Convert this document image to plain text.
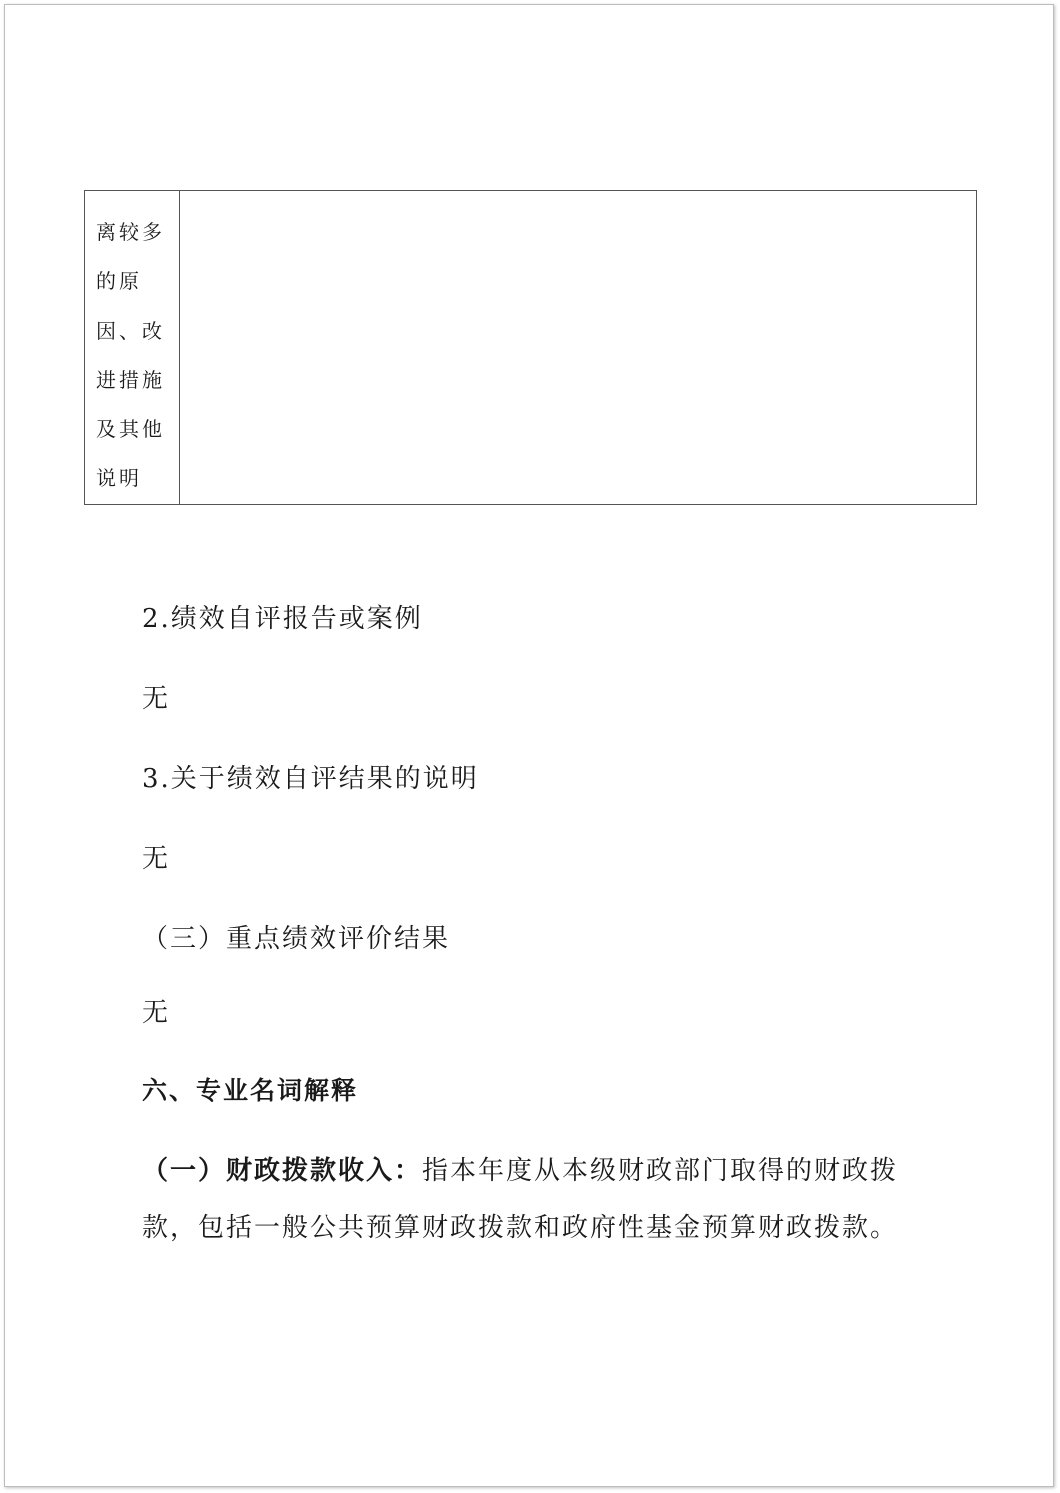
离较多
的原
因、改
进措施
及其他
说明

2.绩效自评报告或案例

无

3.关于绩效自评结果的说明

无

（三）重点绩效评价结果

无

六、专业名词解释

（一）财政拨款收入：指本年度从本级财政部门取得的财政拨

款，包括一般公共预算财政拨款和政府性基金预算财政拨款。
